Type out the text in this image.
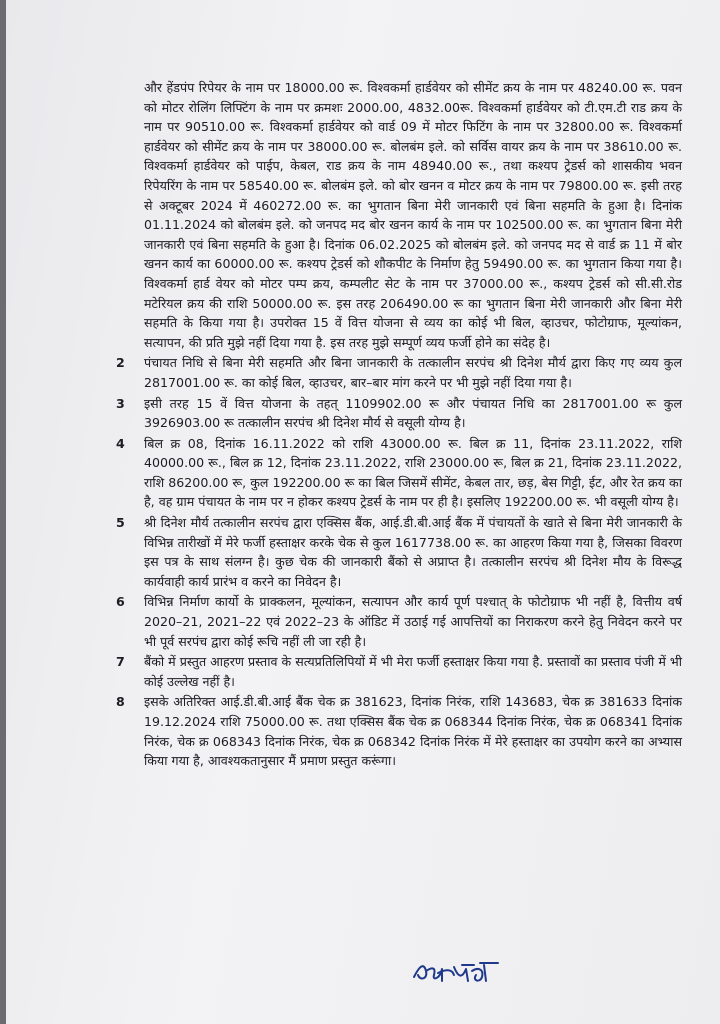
और हेंडपंप रिपेयर के नाम पर 18000.00 रू. विश्वकर्मा हार्डवेयर को सीमेंट क्रय के नाम पर 48240.00 रू. पवन को मोटर रोलिंग लिफ्टिंग के नाम पर क्रमशः 2000.00, 4832.00रू. विश्वकर्मा हार्डवेयर को टी.एम.टी राड क्रय के नाम पर 90510.00 रू. विश्वकर्मा हार्डवेयर को वार्ड 09 में मोटर फिटिंग के नाम पर 32800.00 रू. विश्वकर्मा हार्डवेयर को सीमेंट क्रय के नाम पर 38000.00 रू. बोलबंम इले. को सर्विस वायर क्रय के नाम पर 38610.00 रू. विश्वकर्मा हार्डवेयर को पाईप, केबल, राड क्रय के नाम 48940.00 रू., तथा कश्यप ट्रेडर्स को शासकीय भवन रिपेयरिंग के नाम पर 58540.00 रू. बोलबंम इले. को बोर खनन व मोटर क्रय के नाम पर 79800.00 रू. इसी तरह से अक्टूबर 2024 में 460272.00 रू. का भुगतान बिना मेरी जानकारी एवं बिना सहमति के हुआ है। दिनांक 01.11.2024 को बोलबंम इले. को जनपद मद बोर खनन कार्य के नाम पर 102500.00 रू. का भुगतान बिना मेरी जानकारी एवं बिना सहमति के हुआ है। दिनांक 06.02.2025 को बोलबंम इले. को जनपद मद से वार्ड क्र 11 में बोर खनन कार्य का 60000.00 रू. कश्यप ट्रेडर्स को शौकपीट के निर्माण हेतु 59490.00 रू. का भुगतान किया गया है। विश्वकर्मा हार्ड वेयर को मोटर पम्प क्रय, कम्पलीट सेट के नाम पर 37000.00 रू., कश्यप ट्रेडर्स को सी.सी.रोड मटेरियल क्रय की राशि 50000.00 रू. इस तरह 206490.00 रू का भुगतान बिना मेरी जानकारी और बिना मेरी सहमति के किया गया है। उपरोक्त 15 वें वित्त योजना से व्यय का कोई भी बिल, व्हाउचर, फोटोग्राफ, मूल्यांकन, सत्यापन, की प्रति मुझे नहीं दिया गया है. इस तरह मुझे सम्पूर्ण व्यय फर्जी होने का संदेह है।

2	पंचायत निधि से बिना मेरी सहमति और बिना जानकारी के तत्कालीन सरपंच श्री दिनेश मौर्य द्वारा किए गए व्यय कुल 2817001.00 रू. का कोई बिल, व्हाउचर, बार–बार मांग करने पर भी मुझे नहीं दिया गया है।
3	इसी तरह 15 वें वित्त योजना के तहत् 1109902.00 रू और पंचायत निधि का 2817001.00 रू कुल 3926903.00 रू तत्कालीन सरपंच श्री दिनेश मौर्य से वसूली योग्य है।
4	बिल क्र 08, दिनांक 16.11.2022 को राशि 43000.00 रू. बिल क्र 11, दिनांक 23.11.2022, राशि 40000.00 रू., बिल क्र 12, दिनांक 23.11.2022, राशि 23000.00 रू, बिल क्र 21, दिनांक 23.11.2022, राशि 86200.00 रू, कुल 192200.00 रू का बिल जिसमें सीमेंट, केबल तार, छड़, बेस गिट्टी, ईट, और रेत क्रय का है, वह ग्राम पंचायत के नाम पर न होकर कश्यप ट्रेडर्स के नाम पर ही है। इसलिए 192200.00 रू. भी वसूली योग्य है।
5	श्री दिनेश मौर्य तत्कालीन सरपंच द्वारा एक्सिस बैंक, आई.डी.बी.आई बैंक में पंचायतों के खाते से बिना मेरी जानकारी के विभिन्न तारीखों में मेरे फर्जी हस्ताक्षर करके चेक से कुल 1617738.00 रू. का आहरण किया गया है, जिसका विवरण इस पत्र के साथ संलग्न है। कुछ चेक की जानकारी बैंको से अप्राप्त है। तत्कालीन सरपंच श्री दिनेश मौय के विरूद्ध कार्यवाही कार्य प्रारंभ व करने का निवेदन है।
6	विभिन्न निर्माण कार्यो के प्राक्कलन, मूल्यांकन, सत्यापन और कार्य पूर्ण पश्चात् के फोटोग्राफ भी नहीं है, वित्तीय वर्ष 2020–21, 2021–22 एवं 2022–23 के ऑडिट में उठाई गई आपत्तियों का निराकरण करने हेतु निवेदन करने पर भी पूर्व सरपंच द्वारा कोई रूचि नहीं ली जा रही है।
7	बैंको में प्रस्तुत आहरण प्रस्ताव के सत्यप्रतिलिपियों में भी मेरा फर्जी हस्ताक्षर किया गया है. प्रस्तावों का प्रस्ताव पंजी में भी कोई उल्लेख नहीं है।
8	इसके अतिरिक्त आई.डी.बी.आई बैंक चेक क्र 381623, दिनांक निरंक, राशि 143683, चेक क्र 381633 दिनांक 19.12.2024 राशि 75000.00 रू. तथा एक्सिस बैंक चेक क्र 068344 दिनांक निरंक, चेक क्र 068341 दिनांक निरंक, चेक क्र 068343 दिनांक निरंक, चेक क्र 068342 दिनांक निरंक में मेरे हस्ताक्षर का उपयोग करने का अभ्यास किया गया है, आवश्यकतानुसार मैं प्रमाण प्रस्तुत करूंगा।
